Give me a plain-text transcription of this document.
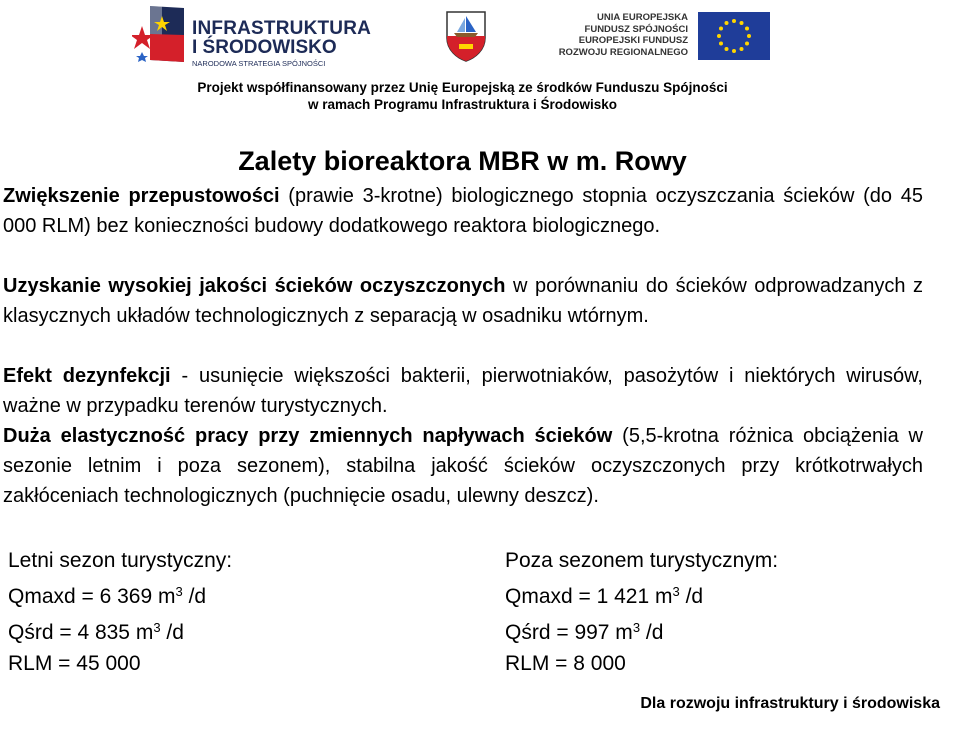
INFRASTRUKTURA
I ŚRODOWISKO
NARODOWA STRATEGIA SPÓJNOŚCI
UNIA EUROPEJSKA
FUNDUSZ SPÓJNOŚCI
EUROPEJSKI FUNDUSZ
ROZWOJU REGIONALNEGO
Projekt współfinansowany przez Unię Europejską ze środków Funduszu Spójności
w ramach Programu Infrastruktura i Środowisko
Zalety bioreaktora MBR w m. Rowy
Zwiększenie przepustowości (prawie 3-krotne) biologicznego stopnia oczyszczania ścieków (do 45 000 RLM) bez konieczności budowy dodatkowego reaktora biologicznego.
Uzyskanie wysokiej jakości ścieków oczyszczonych w porównaniu do ścieków odprowadzanych z klasycznych układów technologicznych z separacją w osadniku wtórnym.
Efekt dezynfekcji - usunięcie większości bakterii, pierwotniaków, pasożytów i niektórych wirusów, ważne w przypadku terenów turystycznych.
Duża elastyczność pracy przy zmiennych napływach ścieków (5,5-krotna różnica obciążenia w sezonie letnim i poza sezonem), stabilna jakość ścieków oczyszczonych przy krótkotrwałych zakłóceniach technologicznych (puchnięcie osadu, ulewny deszcz).
Letni sezon turystyczny:
Qmaxd = 6 369 $m^3$ /d
Qśrd = 4 835 $m^3$ /d
RLM = 45 000
Poza sezonem turystycznym:
Qmaxd = 1 421 $m^3$ /d
Qśrd = 997 $m^3$ /d
RLM = 8 000
Dla rozwoju infrastruktury i środowiska
